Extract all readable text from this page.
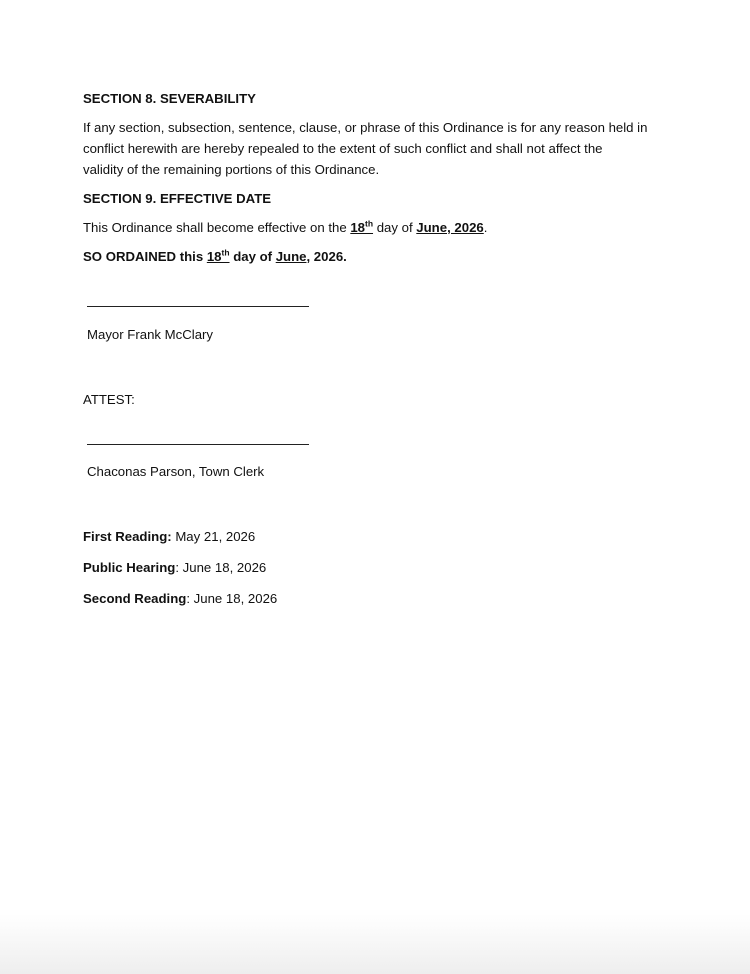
SECTION 8. SEVERABILITY
If any section, subsection, sentence, clause, or phrase of this Ordinance is for any reason held in
conflict herewith are hereby repealed to the extent of such conflict and shall not affect the
validity of the remaining portions of this Ordinance.
SECTION 9. EFFECTIVE DATE
This Ordinance shall become effective on the 18th day of June, 2026.
SO ORDAINED this 18th day of June, 2026.
Mayor Frank McClary
ATTEST:
Chaconas Parson, Town Clerk
First Reading: May 21, 2026
Public Hearing: June 18, 2026
Second Reading: June 18, 2026
